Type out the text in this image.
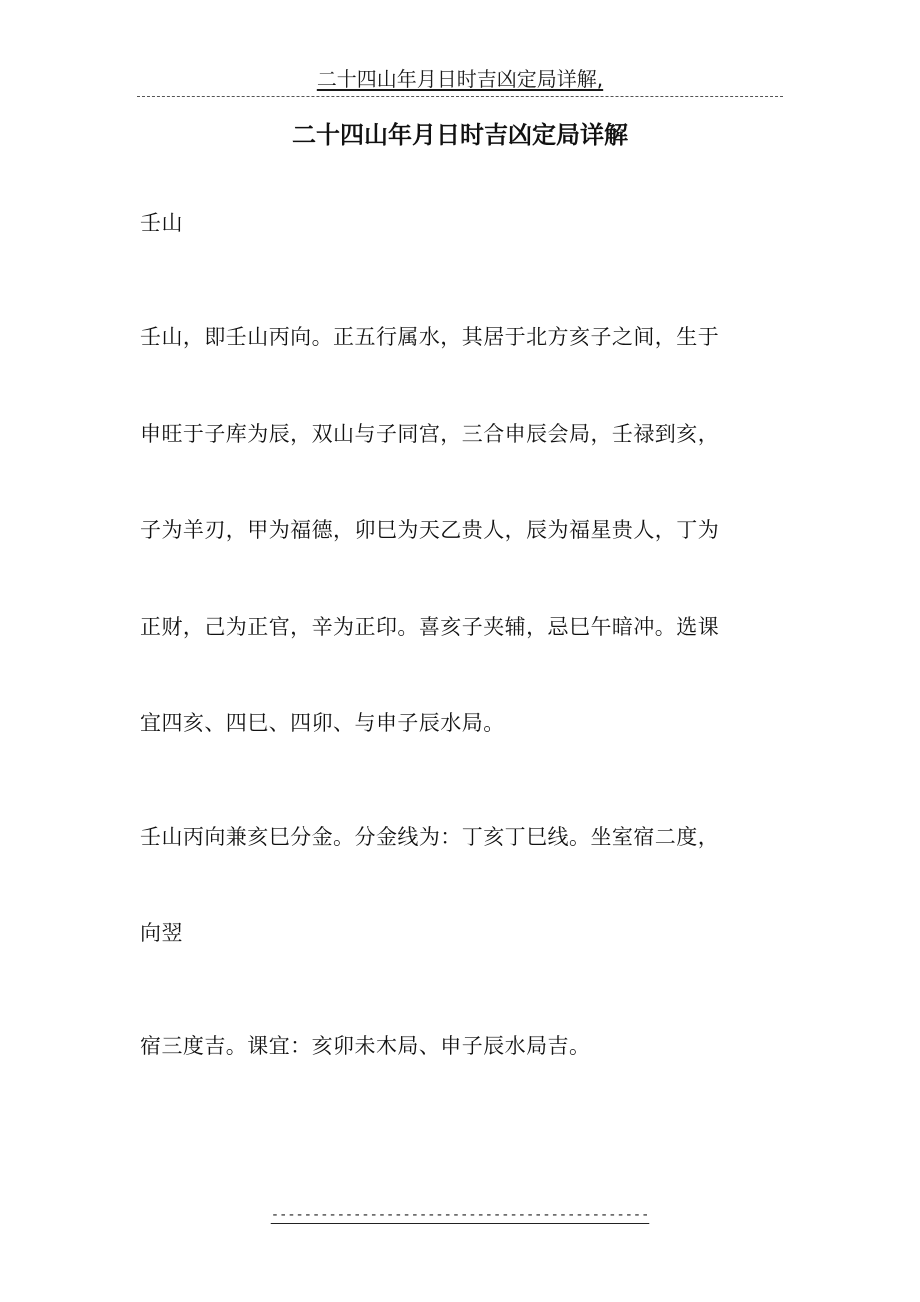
二十四山年月日时吉凶定局详解,
二十四山年月日时吉凶定局详解
壬山
壬山，即壬山丙向。正五行属水，其居于北方亥子之间，生于
申旺于子库为辰，双山与子同宫，三合申辰会局，壬禄到亥，
子为羊刃，甲为福德，卯巳为天乙贵人，辰为福星贵人，丁为
正财，己为正官，辛为正印。喜亥子夹辅，忌巳午暗冲。选课
宜四亥、四巳、四卯、与申子辰水局。
壬山丙向兼亥巳分金。分金线为：丁亥丁巳线。坐室宿二度，
向翌
宿三度吉。课宜：亥卯未木局、申子辰水局吉。
----------------------------------------------
